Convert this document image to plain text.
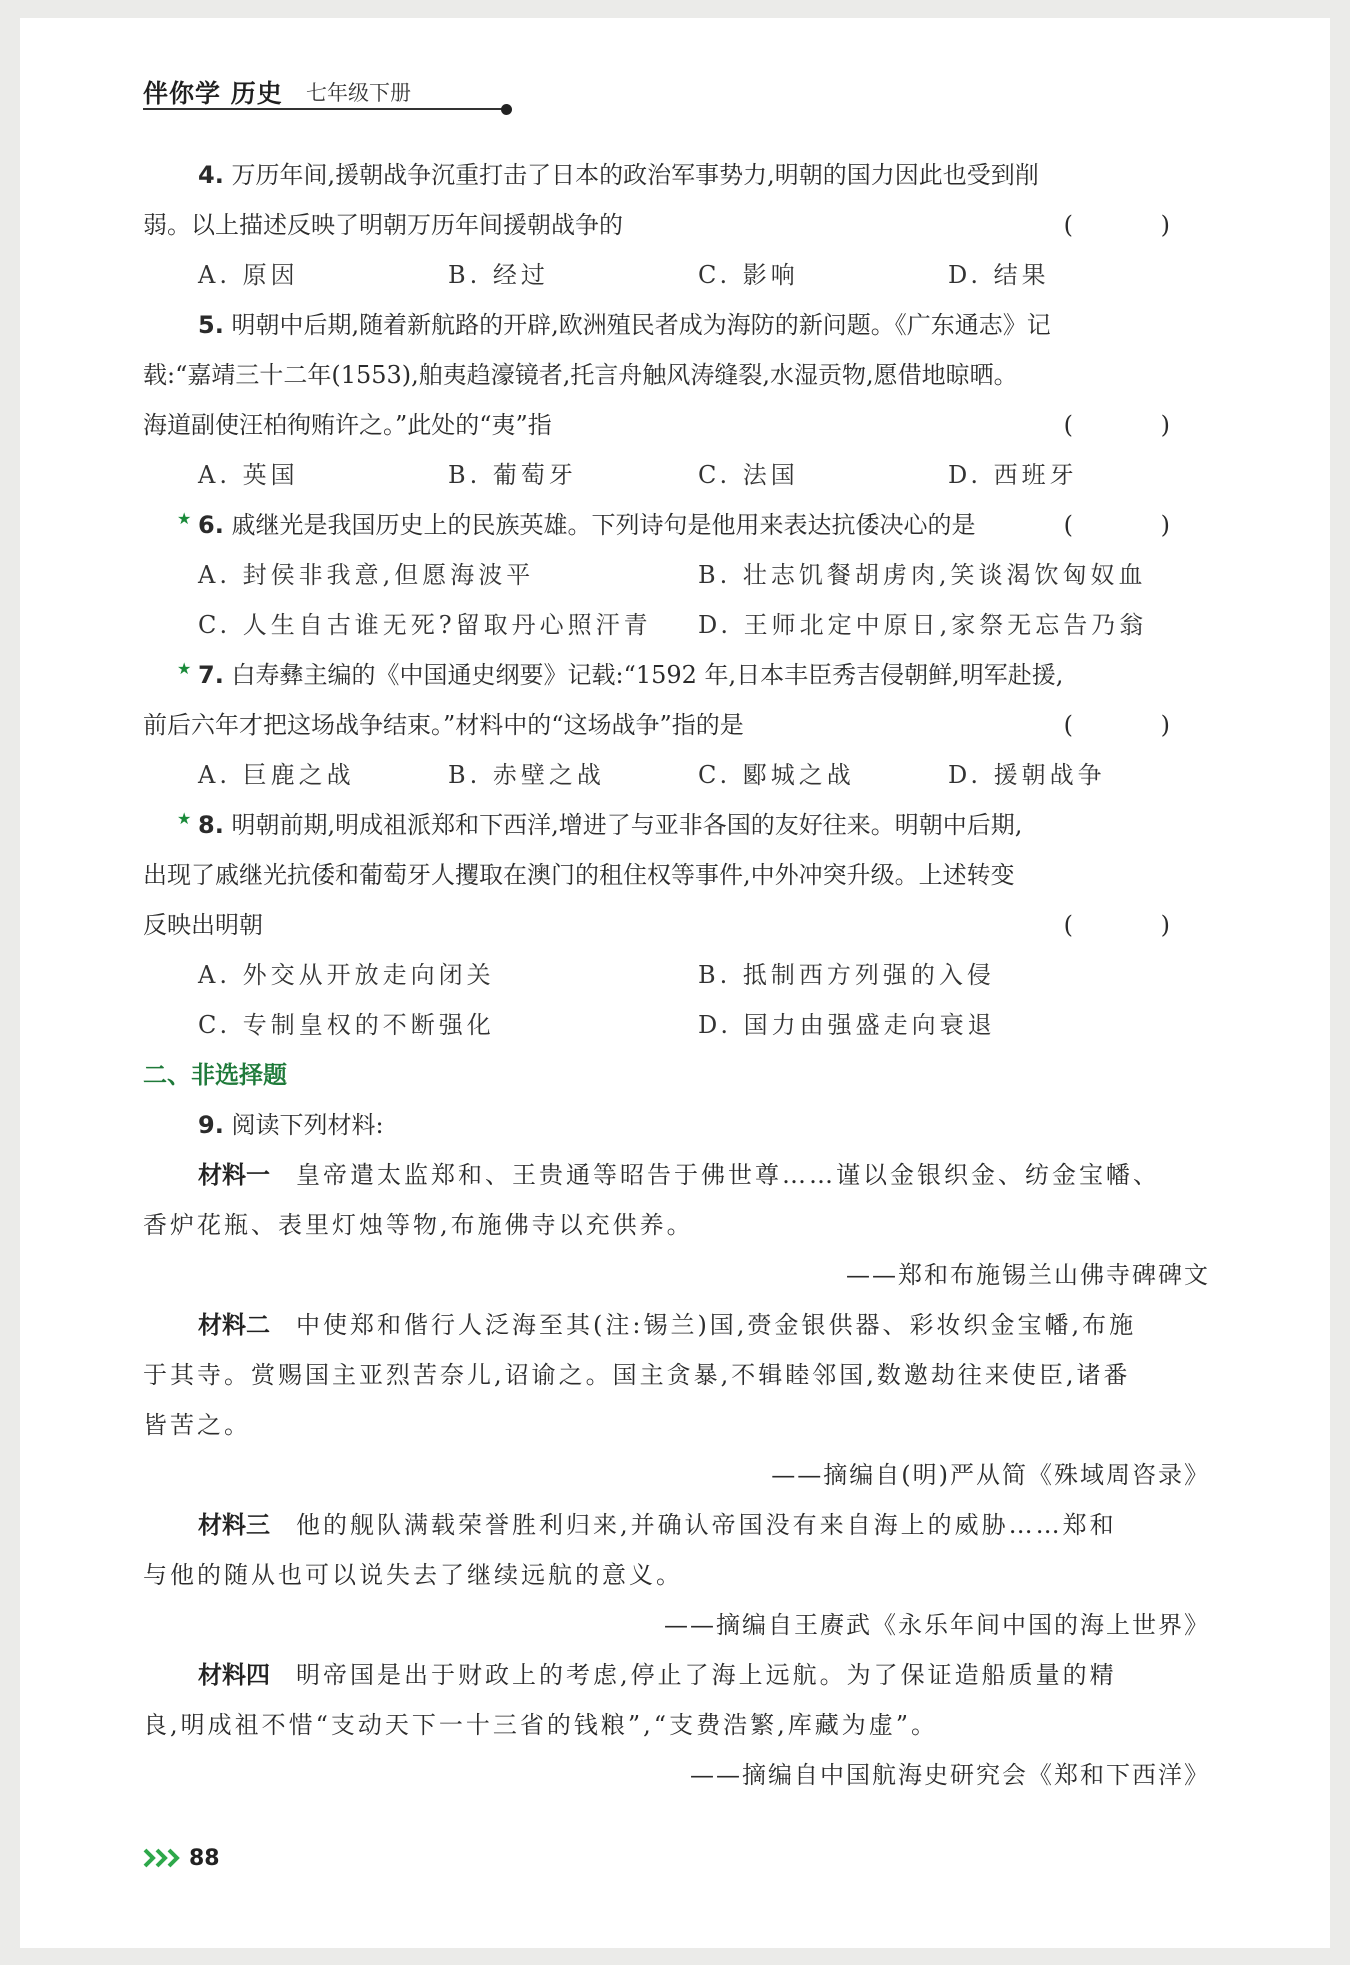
伴你学 历史 七年级下册
4. 万历年间,援朝战争沉重打击了日本的政治军事势力,明朝的国力因此也受到削
弱。以上描述反映了明朝万历年间援朝战争的	( )
A. 原因	B. 经过	C. 影响	D. 结果
5. 明朝中后期,随着新航路的开辟,欧洲殖民者成为海防的新问题。《广东通志》记
载:“嘉靖三十二年(1553),舶夷趋濠镜者,托言舟触风涛缝裂,水湿贡物,愿借地晾晒。
海道副使汪柏徇贿许之。”此处的“夷”指	( )
A. 英国	B. 葡萄牙	C. 法国	D. 西班牙
★ 6. 戚继光是我国历史上的民族英雄。下列诗句是他用来表达抗倭决心的是	( )
A. 封侯非我意,但愿海波平	B. 壮志饥餐胡虏肉,笑谈渴饮匈奴血
C. 人生自古谁无死?留取丹心照汗青 D. 王师北定中原日,家祭无忘告乃翁
★ 7. 白寿彝主编的《中国通史纲要》记载:“1592 年,日本丰臣秀吉侵朝鲜,明军赴援,
前后六年才把这场战争结束。”材料中的“这场战争”指的是	( )
A. 巨鹿之战	B. 赤壁之战	C. 郾城之战	D. 援朝战争
★ 8. 明朝前期,明成祖派郑和下西洋,增进了与亚非各国的友好往来。明朝中后期,
出现了戚继光抗倭和葡萄牙人攫取在澳门的租住权等事件,中外冲突升级。上述转变
反映出明朝	( )
A. 外交从开放走向闭关	B. 抵制西方列强的入侵
C. 专制皇权的不断强化	D. 国力由强盛走向衰退
二、非选择题
9. 阅读下列材料:
材料一 皇帝遣太监郑和、王贵通等昭告于佛世尊……谨以金银织金、纺金宝幡、
香炉花瓶、表里灯烛等物,布施佛寺以充供养。
——郑和布施锡兰山佛寺碑碑文
材料二 中使郑和偕行人泛海至其(注:锡兰)国,赍金银供器、彩妆织金宝幡,布施
于其寺。赏赐国主亚烈苦奈儿,诏谕之。国主贪暴,不辑睦邻国,数邀劫往来使臣,诸番
皆苦之。
——摘编自(明)严从简《殊域周咨录》
材料三 他的舰队满载荣誉胜利归来,并确认帝国没有来自海上的威胁……郑和
与他的随从也可以说失去了继续远航的意义。
——摘编自王赓武《永乐年间中国的海上世界》
材料四 明帝国是出于财政上的考虑,停止了海上远航。为了保证造船质量的精
良,明成祖不惜“支动天下一十三省的钱粮”,“支费浩繁,库藏为虚”。
——摘编自中国航海史研究会《郑和下西洋》
88
